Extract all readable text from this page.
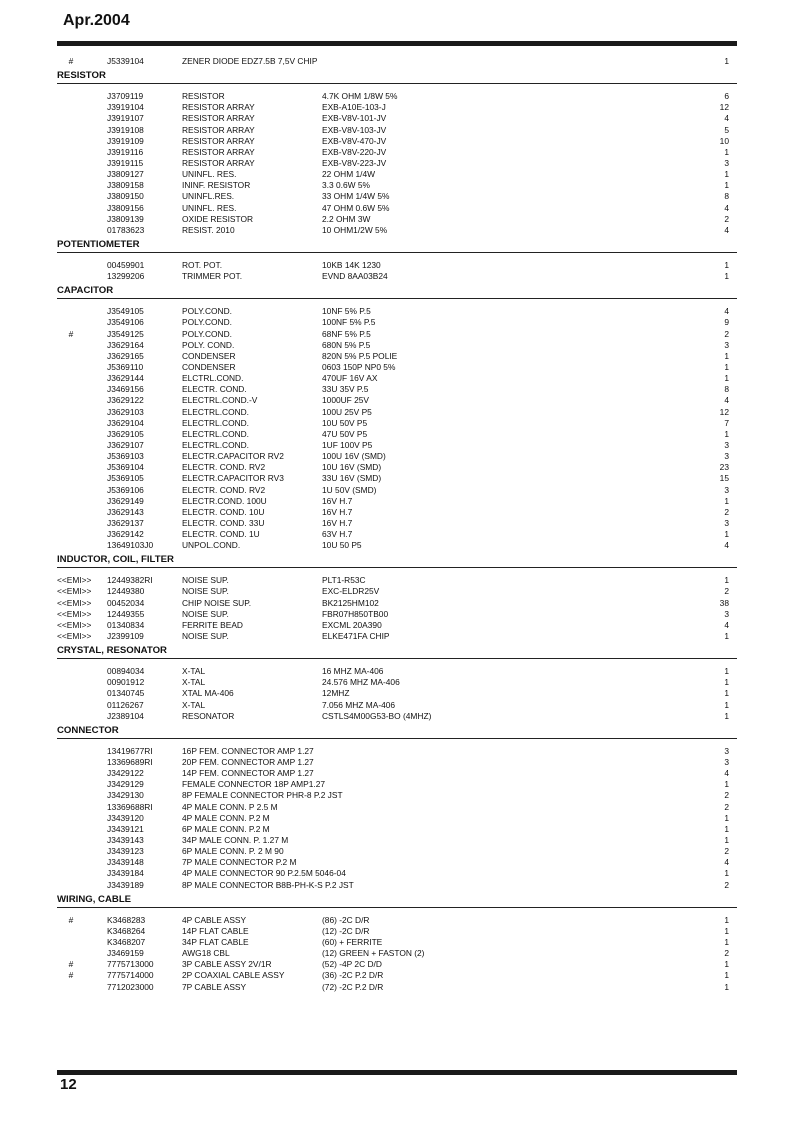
Apr.2004
#	J5339104	ZENER DIODE EDZ7.5B 7,5V CHIP	1
RESISTOR
J3709119	RESISTOR	4.7K OHM 1/8W 5%	6
J3919104	RESISTOR ARRAY	EXB-A10E-103-J	12
J3919107	RESISTOR ARRAY	EXB-V8V-101-JV	4
J3919108	RESISTOR ARRAY	EXB-V8V-103-JV	5
J3919109	RESISTOR ARRAY	EXB-V8V-470-JV	10
J3919116	RESISTOR ARRAY	EXB-V8V-220-JV	1
J3919115	RESISTOR ARRAY	EXB-V8V-223-JV	3
J3809127	UNINFL. RES.	22 OHM 1/4W	1
J3809158	ININF. RESISTOR	3.3 0.6W 5%	1
J3809150	UNINFL.RES.	33 OHM 1/4W 5%	8
J3809156	UNINFL. RES.	47 OHM 0.6W 5%	4
J3809139	OXIDE RESISTOR	2.2 OHM 3W	2
01783623	RESIST. 2010	10 OHM1/2W 5%	4
POTENTIOMETER
00459901	ROT. POT.	10KB 14K 1230	1
13299206	TRIMMER POT.	EVND 8AA03B24	1
CAPACITOR
J3549105	POLY.COND.	10NF 5% P.5	4
J3549106	POLY.COND.	100NF 5% P.5	9
#	J3549125	POLY.COND.	68NF 5% P.5	2
J3629164	POLY. COND.	680N 5% P.5	3
J3629165	CONDENSER	820N 5% P.5 POLIE	1
J5369110	CONDENSER	0603 150P NP0 5%	1
J3629144	ELCTRL.COND.	470UF 16V AX	1
J3469156	ELECTR. COND.	33U 35V P.5	8
J3629122	ELECTRL.COND.-V	1000UF 25V	4
J3629103	ELECTRL.COND.	100U 25V P5	12
J3629104	ELECTRL.COND.	10U 50V P5	7
J3629105	ELECTRL.COND.	47U 50V P5	1
J3629107	ELECTRL.COND.	1UF 100V P5	3
J5369103	ELECTR.CAPACITOR RV2	100U 16V (SMD)	3
J5369104	ELECTR. COND. RV2	10U 16V (SMD)	23
J5369105	ELECTR.CAPACITOR RV3	33U 16V (SMD)	15
J5369106	ELECTR. COND. RV2	1U 50V (SMD)	3
J3629149	ELECTR.COND. 100U	16V H.7	1
J3629143	ELECTR. COND. 10U	16V H.7	2
J3629137	ELECTR. COND. 33U	16V H.7	3
J3629142	ELECTR. COND. 1U	63V H.7	1
13649103J0	UNPOL.COND.	10U 50 P5	4
INDUCTOR, COIL, FILTER
<<EMI>>	12449382RI	NOISE SUP.	PLT1-R53C	1
<<EMI>>	12449380	NOISE SUP.	EXC-ELDR25V	2
<<EMI>>	00452034	CHIP NOISE SUP.	BK2125HM102	38
<<EMI>>	12449355	NOISE SUP.	FBR07H850TB00	3
<<EMI>>	01340834	FERRITE BEAD	EXCML 20A390	4
<<EMI>>	J2399109	NOISE SUP.	ELKE471FA CHIP	1
CRYSTAL, RESONATOR
00894034	X-TAL	16 MHZ MA-406	1
00901912	X-TAL	24.576 MHZ MA-406	1
01340745	XTAL MA-406	12MHZ	1
01126267	X-TAL	7.056 MHZ MA-406	1
J2389104	RESONATOR	CSTLS4M00G53-BO (4MHZ)	1
CONNECTOR
13419677RI	16P FEM. CONNECTOR AMP 1.27	3
13369689RI	20P FEM. CONNECTOR AMP 1.27	3
J3429122	14P FEM. CONNECTOR AMP 1.27	4
J3429129	FEMALE CONNECTOR 18P AMP1.27	1
J3429130	8P FEMALE CONNECTOR PHR-8 P.2 JST	2
13369688RI	4P MALE CONN. P 2.5 M	2
J3439120	4P MALE CONN. P.2 M	1
J3439121	6P MALE CONN. P.2 M	1
J3439143	34P MALE CONN. P. 1.27 M	1
J3439123	6P MALE CONN. P. 2 M 90	2
J3439148	7P MALE CONNECTOR P.2 M	4
J3439184	4P MALE CONNECTOR 90 P.2.5M 5046-04	1
J3439189	8P MALE CONNECTOR B8B-PH-K-S P.2 JST	2
WIRING, CABLE
#	K3468283	4P CABLE ASSY	(86) -2C D/R	1
K3468264	14P FLAT CABLE	(12) -2C D/R	1
K3468207	34P FLAT CABLE	(60) + FERRITE	1
J3469159	AWG18 CBL	(12) GREEN + FASTON (2)	2
#	7775713000	3P CABLE ASSY 2V/1R	(52) -4P 2C D/D	1
#	7775714000	2P COAXIAL CABLE ASSY	(36) -2C P.2 D/R	1
7712023000	7P CABLE ASSY	(72) -2C P.2 D/R	1
12
